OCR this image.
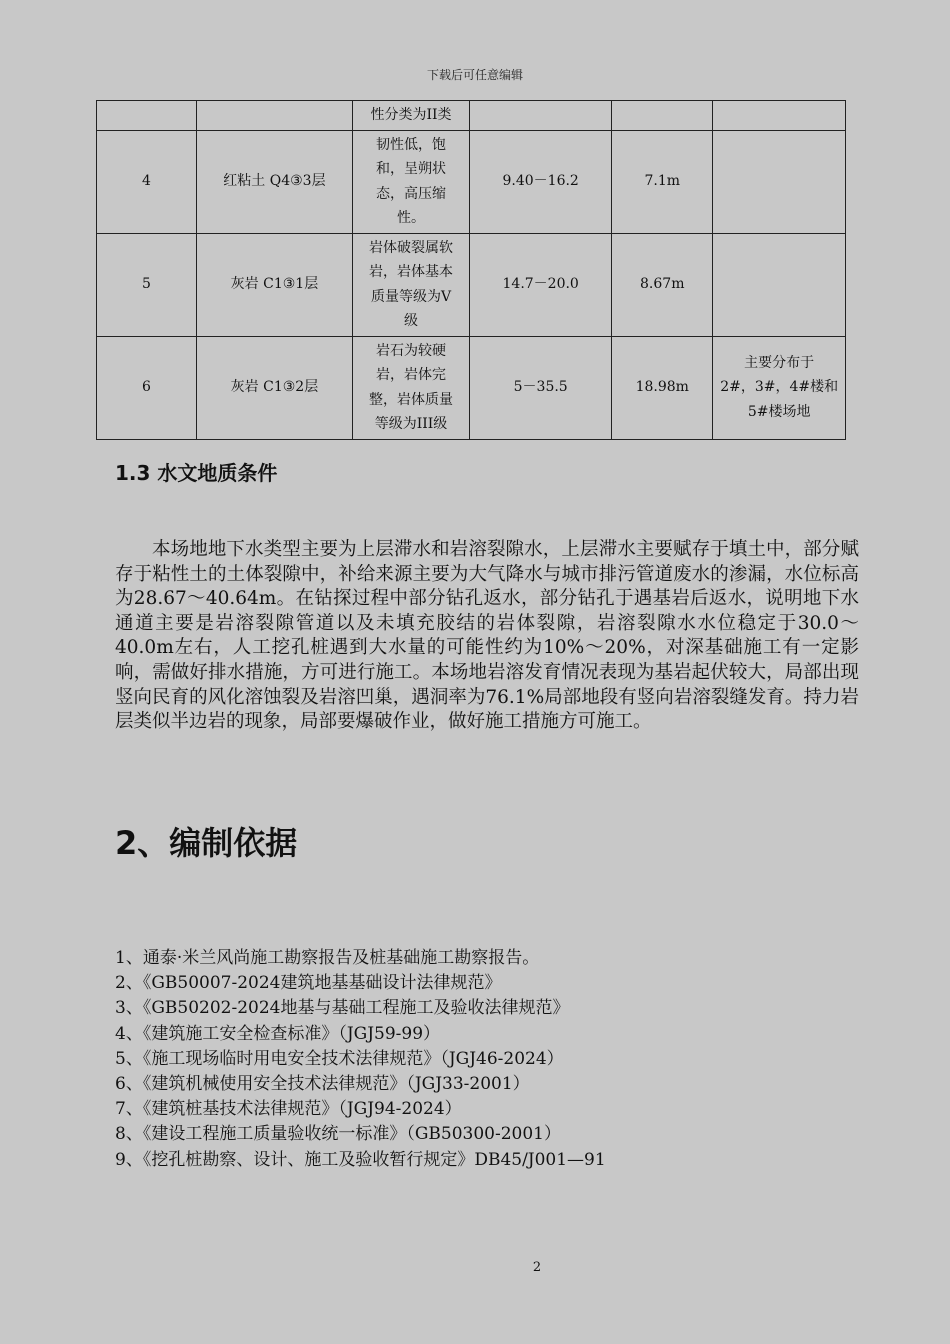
下载后可任意编辑
		性分类为II类			
4	红粘土 Q4③3层	韧性低，饱
和，呈朔状
态，高压缩
性。	9.40－16.2	7.1m	
5	灰岩 C1③1层	岩体破裂属软
岩，岩体基本
质量等级为Ⅴ
级	14.7－20.0	8.67m	
6	灰岩 C1③2层	岩石为较硬
岩，岩体完
整，岩体质量
等级为III级	5－35.5	18.98m	主要分布于
2#，3#，4#楼和
5#楼场地
1.3 水文地质条件

本场地地下水类型主要为上层滞水和岩溶裂隙水，上层滞水主要赋存于填土中，部分赋存于粘性土的土体裂隙中，补给来源主要为大气降水与城市排污管道废水的渗漏，水位标高为28.67～40.64m。在钻探过程中部分钻孔返水，部分钻孔于遇基岩后返水，说明地下水通道主要是岩溶裂隙管道以及未填充胶结的岩体裂隙，岩溶裂隙水水位稳定于30.0～40.0m左右，人工挖孔桩遇到大水量的可能性约为10%～20%，对深基础施工有一定影响，需做好排水措施，方可进行施工。本场地岩溶发育情况表现为基岩起伏较大，局部出现竖向民育的风化溶蚀裂及岩溶凹巢，遇洞率为76.1%局部地段有竖向岩溶裂缝发育。持力岩层类似半边岩的现象，局部要爆破作业，做好施工措施方可施工。

2、编制依据
1、通泰·米兰风尚施工勘察报告及桩基础施工勘察报告。
2、《GB50007-2024建筑地基基础设计法律规范》
3、《GB50202-2024地基与基础工程施工及验收法律规范》
4、《建筑施工安全检查标准》（JGJ59-99）
5、《施工现场临时用电安全技术法律规范》（JGJ46-2024）
6、《建筑机械使用安全技术法律规范》（JGJ33-2001）
7、《建筑桩基技术法律规范》（JGJ94-2024）
8、《建设工程施工质量验收统一标准》（GB50300-2001）
9、《挖孔桩勘察、设计、施工及验收暂行规定》DB45/J001—91
2
